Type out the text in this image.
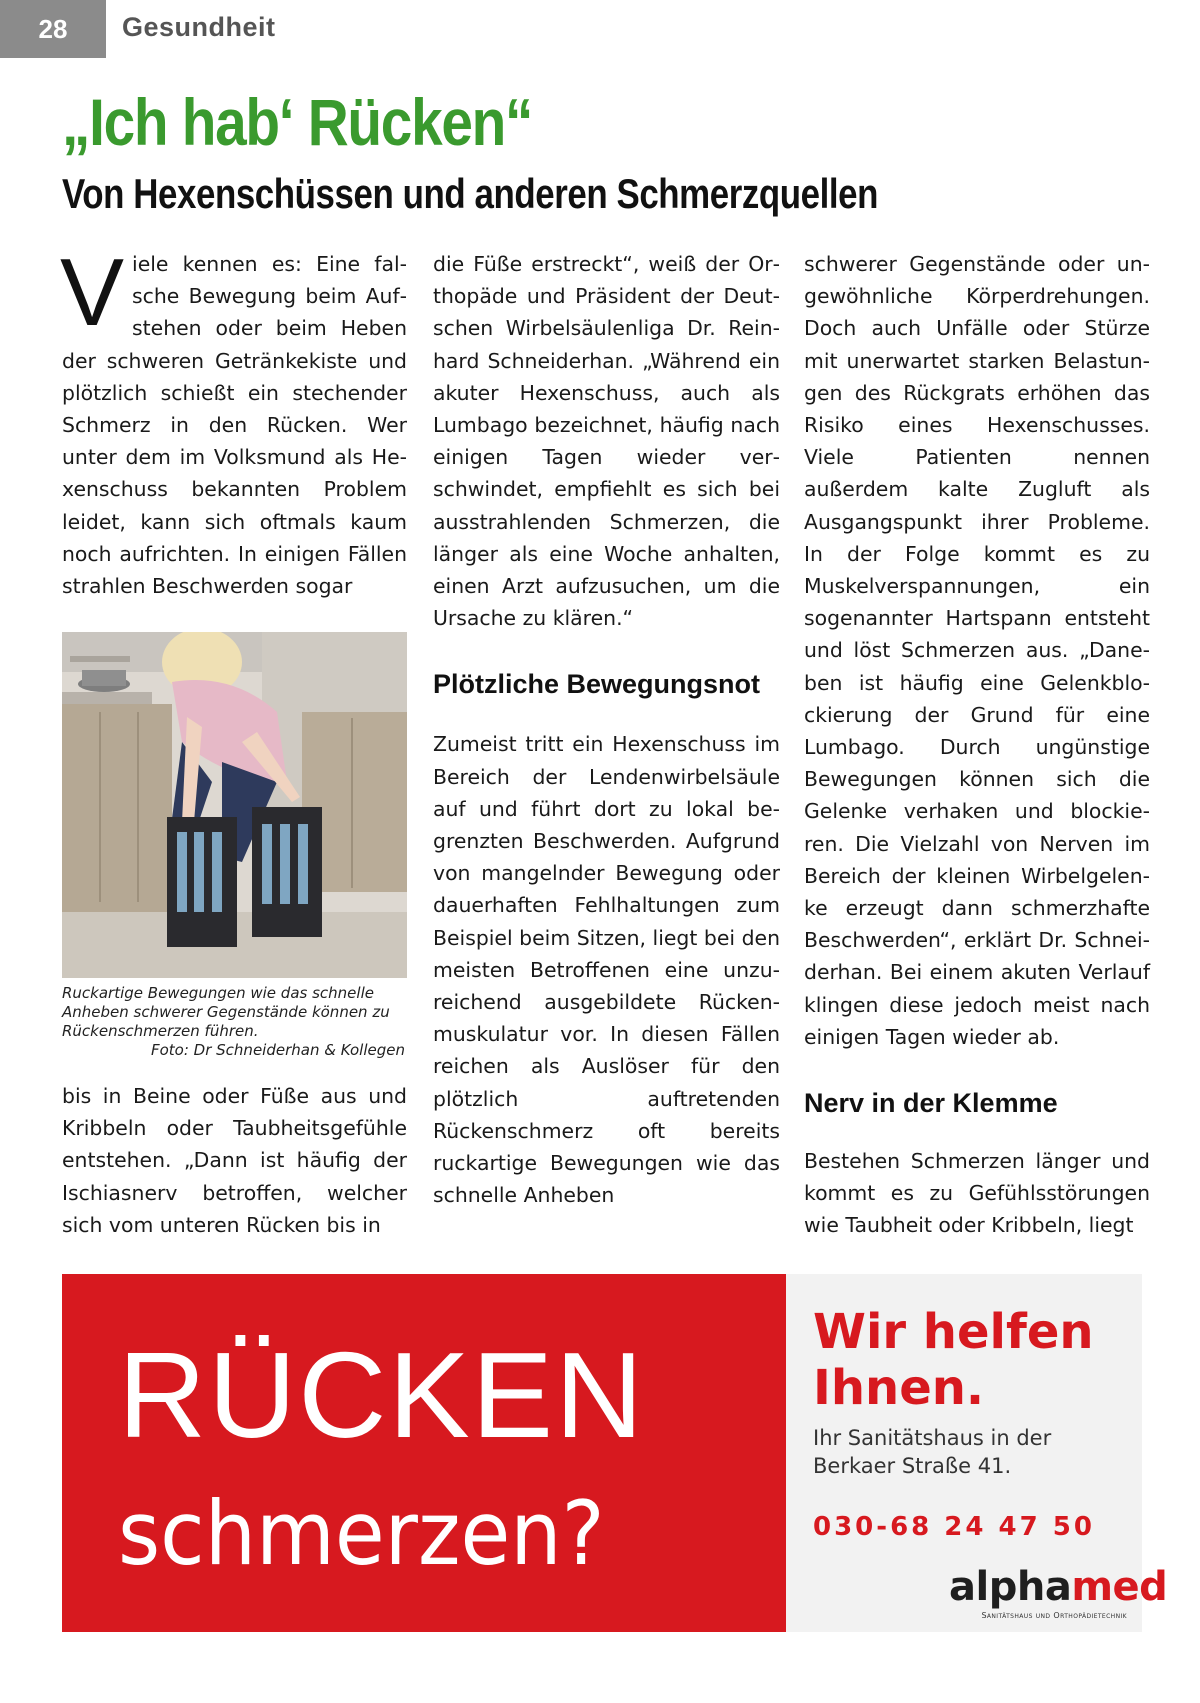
28	Gesundheit
„Ich hab‘ Rücken“
Von Hexenschüssen und anderen Schmerzquellen
V iele kennen es: Eine falsche Bewegung beim Aufstehen oder beim Heben der schweren Getränkekiste und plötzlich schießt ein stechender Schmerz in den Rücken. Wer unter dem im Volksmund als Hexenschuss bekannten Problem leidet, kann sich oftmals kaum noch aufrichten. In einigen Fällen strahlen Beschwerden sogar

Ruckartige Bewegungen wie das schnelle Anheben schwerer Gegenstände können zu Rückenschmerzen führen.
Foto: Dr Schneiderhan & Kollegen

bis in Beine oder Füße aus und Kribbeln oder Taubheitsgefühle entstehen. „Dann ist häufig der Ischiasnerv betroffen, welcher sich vom unteren Rücken bis in

die Füße erstreckt“, weiß der Orthopäde und Präsident der Deutschen Wirbelsäulenliga Dr. Reinhard Schneiderhan. „Während ein akuter Hexenschuss, auch als Lumbago bezeichnet, häufig nach einigen Tagen wieder verschwindet, empfiehlt es sich bei ausstrahlenden Schmerzen, die länger als eine Woche anhalten, einen Arzt aufzusuchen, um die Ursache zu klären.“

Plötzliche Bewegungsnot

Zumeist tritt ein Hexenschuss im Bereich der Lendenwirbelsäule auf und führt dort zu lokal begrenzten Beschwerden. Aufgrund von mangelnder Bewegung oder dauerhaften Fehlhaltungen zum Beispiel beim Sitzen, liegt bei den meisten Betroffenen eine unzureichend ausgebildete Rückenmuskulatur vor. In diesen Fällen reichen als Auslöser für den plötzlich auftretenden Rückenschmerz oft bereits ruckartige Bewegungen wie das schnelle Anheben

schwerer Gegenstände oder ungewöhnliche Körperdrehungen. Doch auch Unfälle oder Stürze mit unerwartet starken Belastungen des Rückgrats erhöhen das Risiko eines Hexenschusses. Viele Patienten nennen außerdem kalte Zugluft als Ausgangspunkt ihrer Probleme. In der Folge kommt es zu Muskelverspannungen, ein sogenannter Hartspann entsteht und löst Schmerzen aus. „Daneben ist häufig eine Gelenkblockierung der Grund für eine Lumbago. Durch ungünstige Bewegungen können sich die Gelenke verhaken und blockieren. Die Vielzahl von Nerven im Bereich der kleinen Wirbelgelenke erzeugt dann schmerzhafte Beschwerden“, erklärt Dr. Schneiderhan. Bei einem akuten Verlauf klingen diese jedoch meist nach einigen Tagen wieder ab.

Nerv in der Klemme

Bestehen Schmerzen länger und kommt es zu Gefühlsstörungen wie Taubheit oder Kribbeln, liegt

RÜCKEN
schmerzen?
Wir helfen
Ihnen.
Ihr Sanitätshaus in der
Berkaer Straße 41.
030-68 24 47 50
alphamed
Sanitätshaus und Orthopädietechnik
